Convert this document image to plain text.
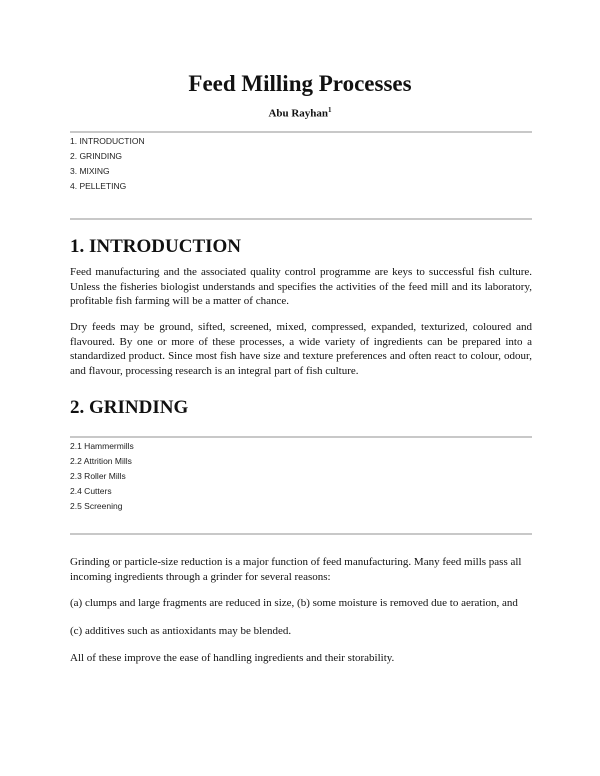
Feed Milling Processes
Abu Rayhan$^1$
1. INTRODUCTION
2. GRINDING
3. MIXING
4. PELLETING
1. INTRODUCTION

Feed manufacturing and the associated quality control programme are keys to successful fish culture. Unless the fisheries biologist understands and specifies the activities of the feed mill and its laboratory, profitable fish farming will be a matter of chance.

Dry feeds may be ground, sifted, screened, mixed, compressed, expanded, texturized, coloured and flavoured. By one or more of these processes, a wide variety of ingredients can be prepared into a standardized product. Since most fish have size and texture preferences and often react to colour, odour, and flavour, processing research is an integral part of fish culture.

2. GRINDING
2.1 Hammermills
2.2 Attrition Mills
2.3 Roller Mills
2.4 Cutters
2.5 Screening

Grinding or particle-size reduction is a major function of feed manufacturing. Many feed mills pass all incoming ingredients through a grinder for several reasons:

(a) clumps and large fragments are reduced in size, (b) some moisture is removed due to aeration, and

(c) additives such as antioxidants may be blended.

All of these improve the ease of handling ingredients and their storability.
